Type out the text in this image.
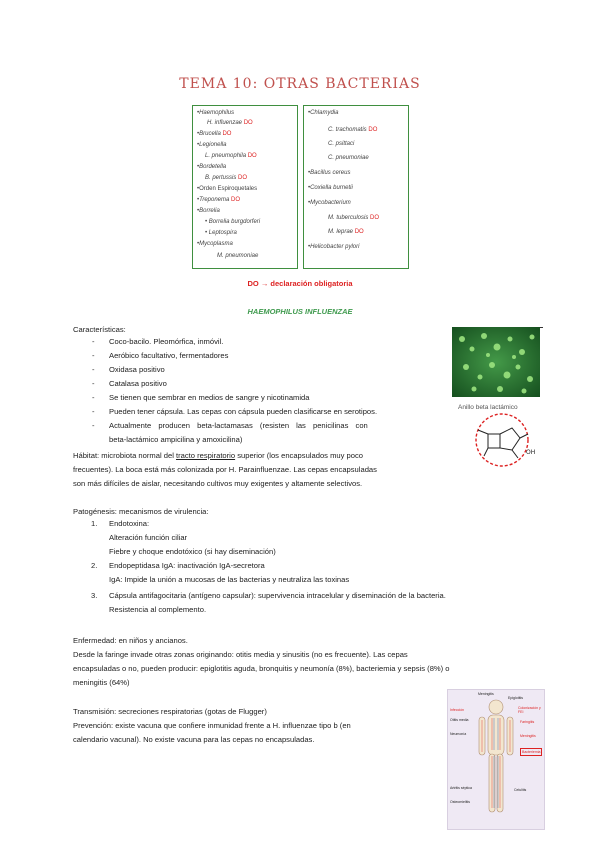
TEMA 10: OTRAS BACTERIAS
•Haemophilus
H. influenzae DO
•Brucella DO
•Legionella
L. pneumophila DO
•Bordetella
B. pertussis DO
•Orden Espiroquetales
•Treponema DO
•Borrelia
• Borrelia burgdorferi
• Leptospira
•Mycoplasma
M. pneumoniae
•Chlamydia
C. trachomatis DO
C. psittaci
C. pneumoniae
•Bacillus cereus
•Coxiella burnetii
•Mycobacterium
M. tuberculosis DO
M. leprae DO
•Helicobacter pylori
DO → declaración obligatoria
HAEMOPHILUS INFLUENZAE
Anillo beta lactámico
OH
Características:
- Coco-bacilo. Pleomórfica, inmóvil.
- Aeróbico facultativo, fermentadores
- Oxidasa positivo
- Catalasa positivo
- Se tienen que sembrar en medios de sangre y nicotinamida
- Pueden tener cápsula. Las cepas con cápsula pueden clasificarse en serotipos.
- Actualmente producen beta-lactamasas (resisten las penicilinas con
beta-lactámico ampicilina y amoxicilina)
Hábitat: microbiota normal del tracto respiratorio superior (los encapsulados muy poco
frecuentes). La boca está más colonizada por H. Parainfluenzae. Las cepas encapsuladas
son más difíciles de aislar, necesitando cultivos muy exigentes y altamente selectivos.
Patogénesis: mecanismos de virulencia:
1. Endotoxina:
Alteración función ciliar
Fiebre y choque endotóxico (si hay diseminación)
2. Endopeptidasa IgA: inactivación IgA-secretora
IgA: Impide la unión a mucosas de las bacterias y neutraliza las toxinas
3. Cápsula antifagocitaria (antígeno capsular): supervivencia intracelular y diseminación de la bacteria.
Resistencia al complemento.
Enfermedad: en niños y ancianos.
Desde la faringe invade otras zonas originando: otitis media y sinusitis (no es frecuente). Las cepas
encapsuladas o no, pueden producir: epiglotitis aguda, bronquitis y neumonía (8%), bacteriemia y sepsis (8%) o
meningitis (64%)
Transmisión: secreciones respiratorias (gotas de Flugger)
Prevención: existe vacuna que confiere inmunidad frente a H. influenzae tipo b (en
calendario vacunal). No existe vacuna para las cepas no encapsuladas.
Meningitis
Epiglotitis
Infección	Colonización y FEI
Otitis media	Faringitis
Neumonía	Meningitis
Artritis séptica
Osteomielitis
Celulitis
Bacteriemia
